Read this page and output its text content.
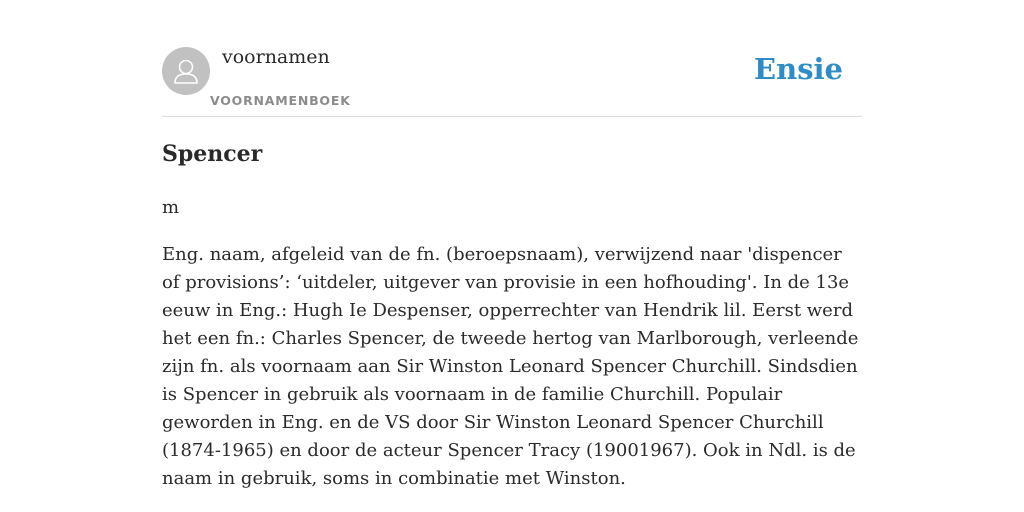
voornamen
VOORNAMENBOEK
Ensie
Spencer

m

Eng. naam, afgeleid van de fn. (beroepsnaam), verwijzend naar 'dispencer of provisions’: ‘uitdeler, uitgever van provisie in een hofhouding'. In de 13e eeuw in Eng.: Hugh Ie Despenser, opperrechter van Hendrik lil. Eerst werd het een fn.: Charles Spencer, de tweede hertog van Marlborough, verleende zijn fn. als voornaam aan Sir Winston Leonard Spencer Churchill. Sindsdien is Spencer in gebruik als voornaam in de familie Churchill. Populair geworden in Eng. en de VS door Sir Winston Leonard Spencer Churchill (1874-1965) en door de acteur Spencer Tracy (19001967). Ook in Ndl. is de naam in gebruik, soms in combinatie met Winston.
